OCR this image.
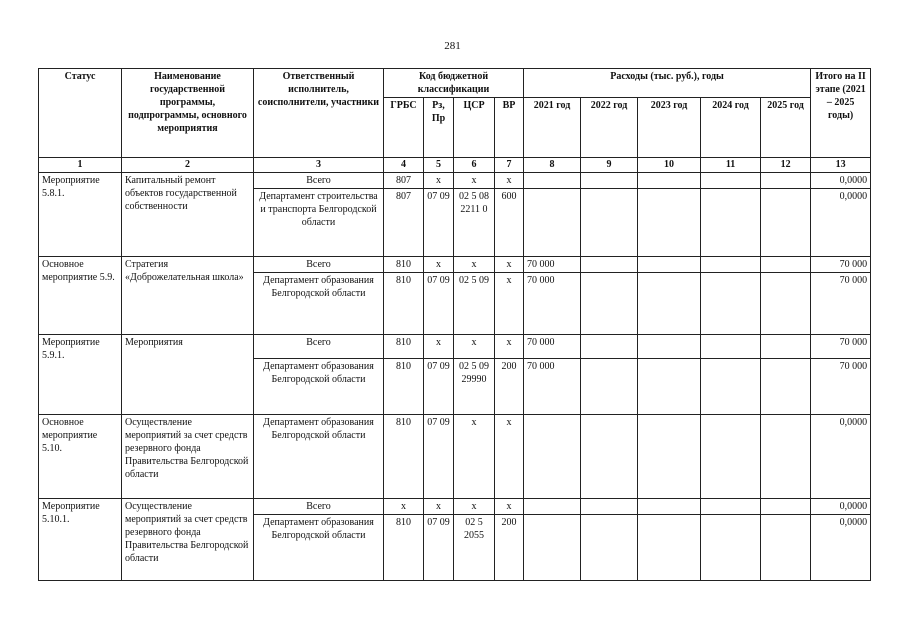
281
Статус	Наименование государственной программы, подпрограммы, основного мероприятия	Ответственный исполнитель, соисполнители, участники	Код бюджетной классификации				Расходы (тыс. руб.), годы					Итого на II этапе (2021 – 2025 годы)
			ГРБС	Рз, Пр	ЦСР	ВР	2021 год	2022 год	2023 год	2024 год	2025 год	
1	2	3	4	5	6	7	8	9	10	11	12	13
Мероприятие 5.8.1.	Капитальный ремонт объектов государственной собственности	Всего	807	х	х	х						0,0000
		Департамент строительства и транспорта Белгородской области	807	07 09	02 5 08 2211 0	600						0,0000
Основное мероприятие 5.9.	Стратегия «Доброжелательная школа»	Всего	810	х	х	х	70 000					70 000
		Департамент образования Белгородской области	810	07 09	02 5 09	х	70 000					70 000
Мероприятие 5.9.1.	Мероприятия	Всего	810	х	х	х	70 000					70 000
		Департамент образования Белгородской области	810	07 09	02 5 09 29990	200	70 000					70 000
Основное мероприятие 5.10.	Осуществление мероприятий за счет средств резервного фонда Правительства Белгородской области	Департамент образования Белгородской области	810	07 09	х	х						0,0000
Мероприятие 5.10.1.	Осуществление мероприятий за счет средств резервного фонда Правительства Белгородской области	Всего	х	х	х	х						0,0000
		Департамент образования Белгородской области	810	07 09	02 5 2055	200						0,0000
